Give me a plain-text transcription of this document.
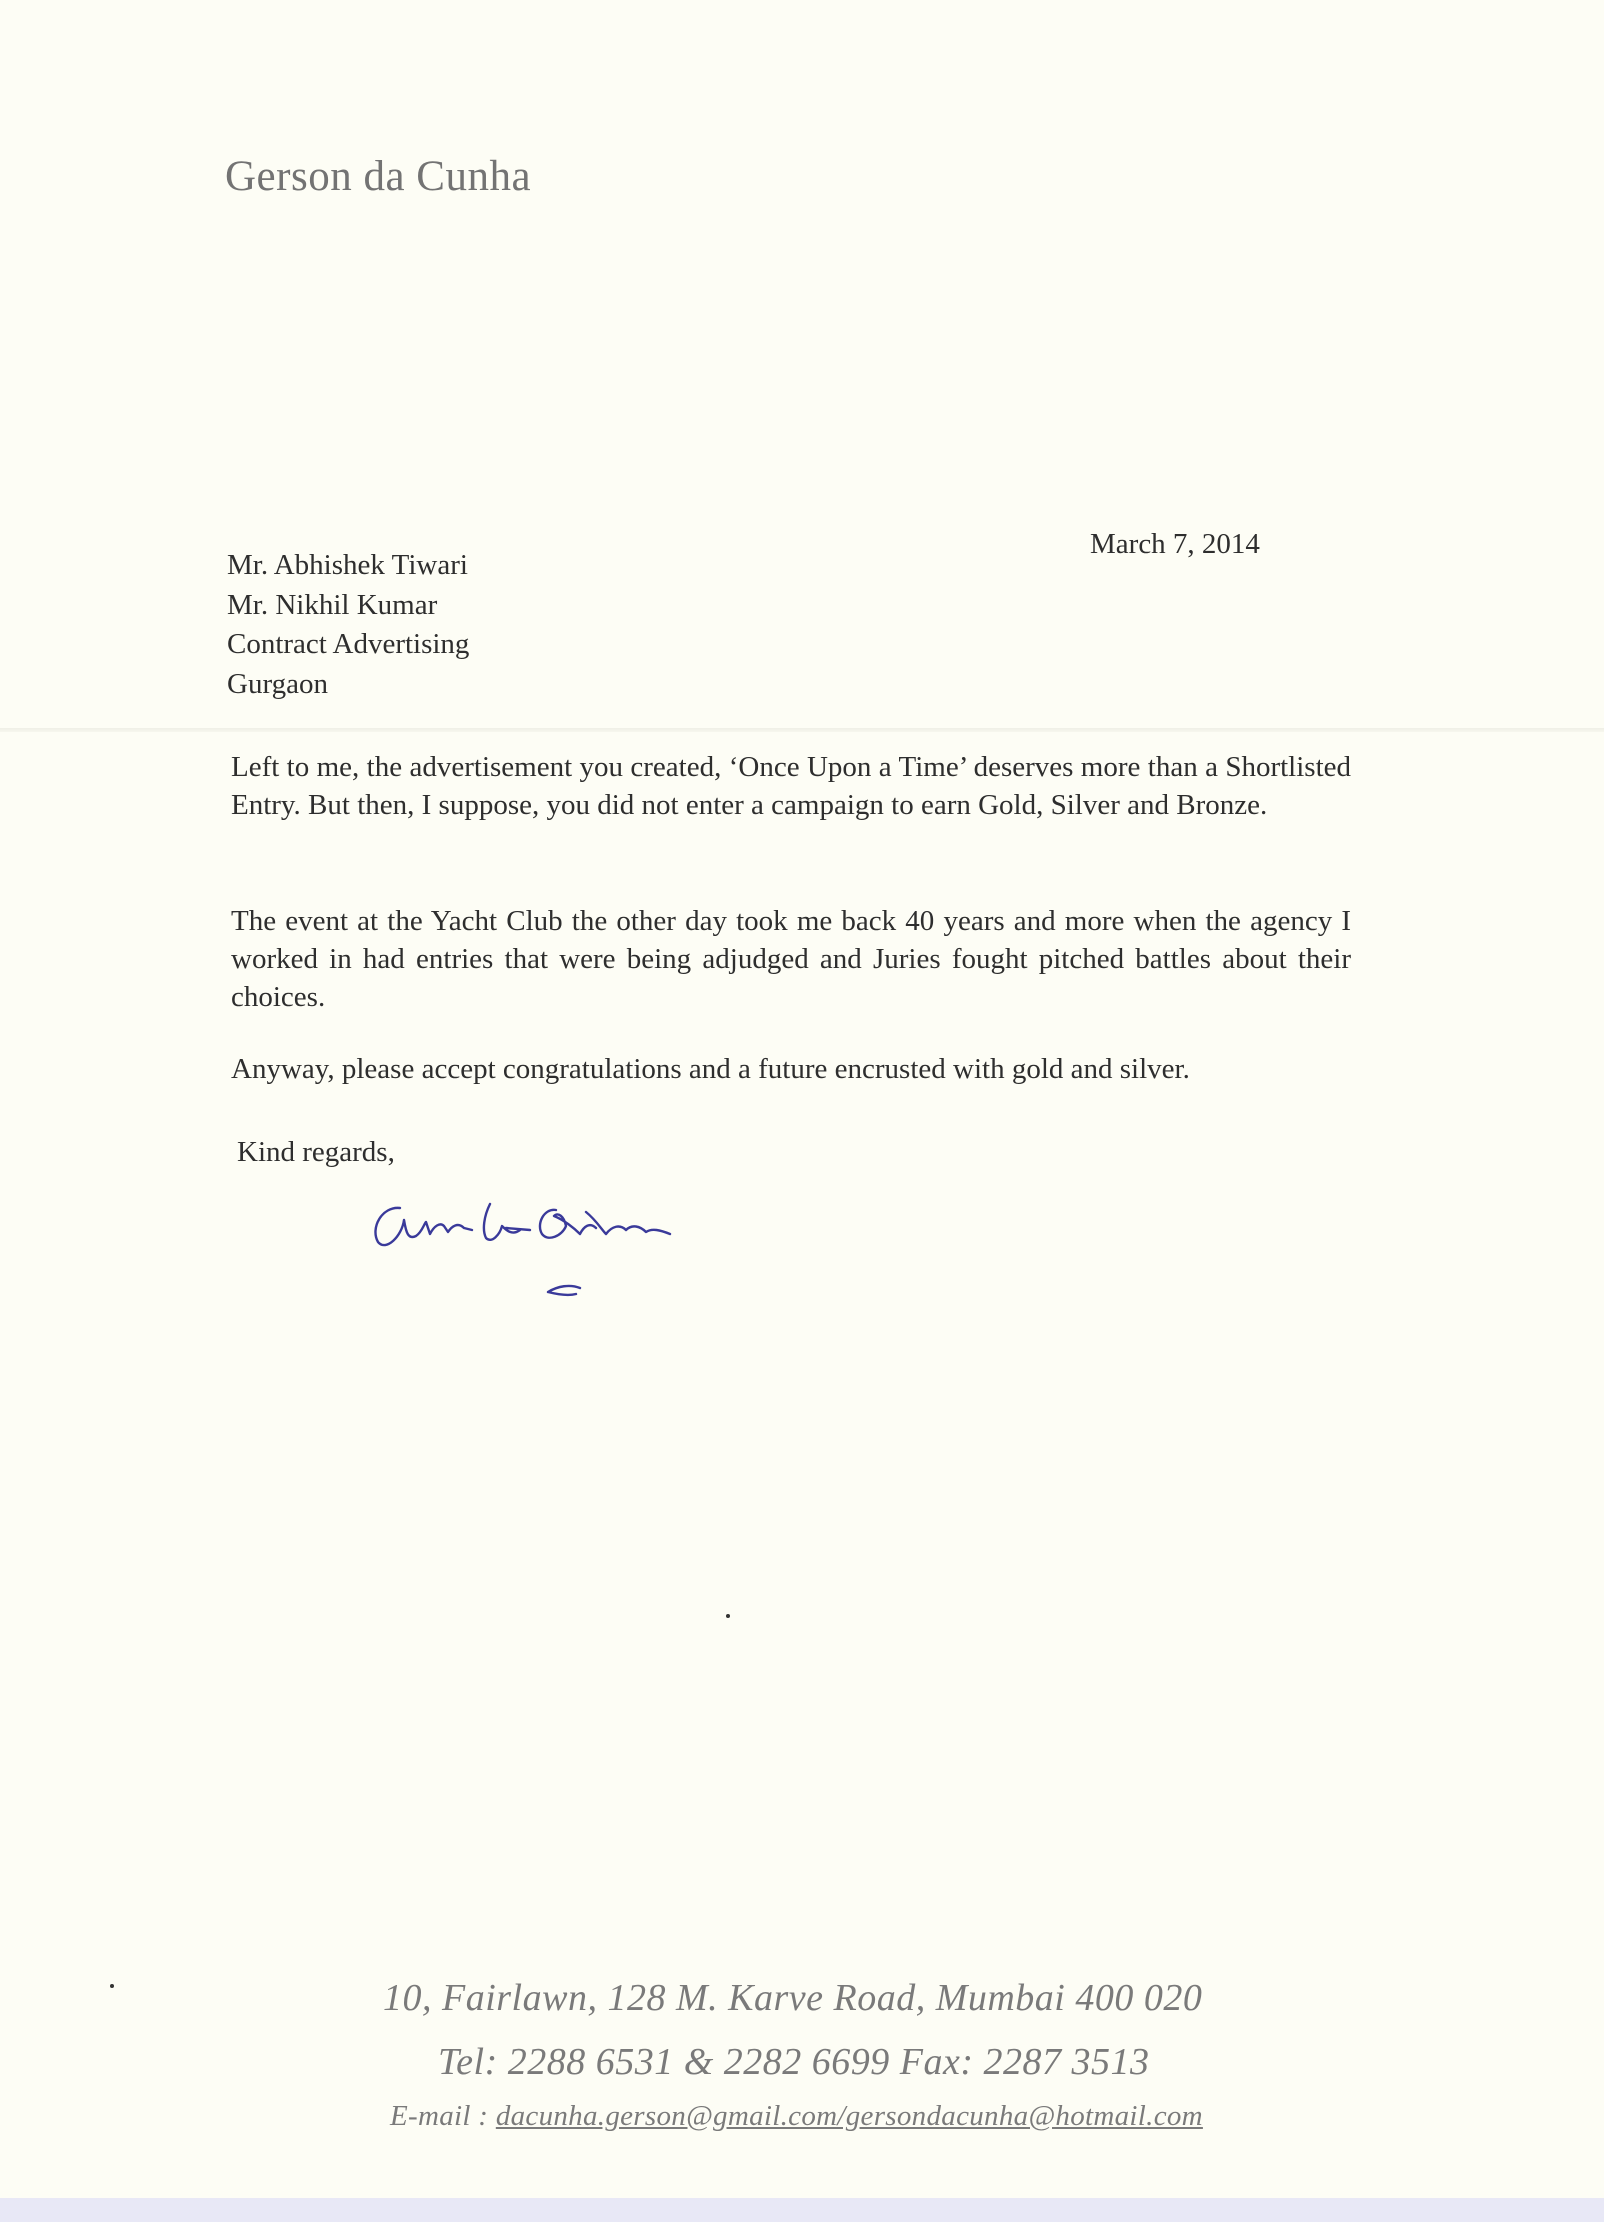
Gerson da Cunha
March 7, 2014
Mr. Abhishek Tiwari
Mr. Nikhil Kumar
Contract Advertising
Gurgaon
Left to me, the advertisement you created, ‘Once Upon a Time’ deserves more than a Shortlisted Entry. But then, I suppose, you did not enter a campaign to earn Gold, Silver and Bronze.
The event at the Yacht Club the other day took me back 40 years and more when the agency I worked in had entries that were being adjudged and Juries fought pitched battles about their choices.
Anyway, please accept congratulations and a future encrusted with gold and silver.
Kind regards,
10, Fairlawn, 128 M. Karve Road, Mumbai 400 020
Tel: 2288 6531 & 2282 6699 Fax: 2287 3513
E-mail : dacunha.gerson@gmail.com/gersondacunha@hotmail.com
